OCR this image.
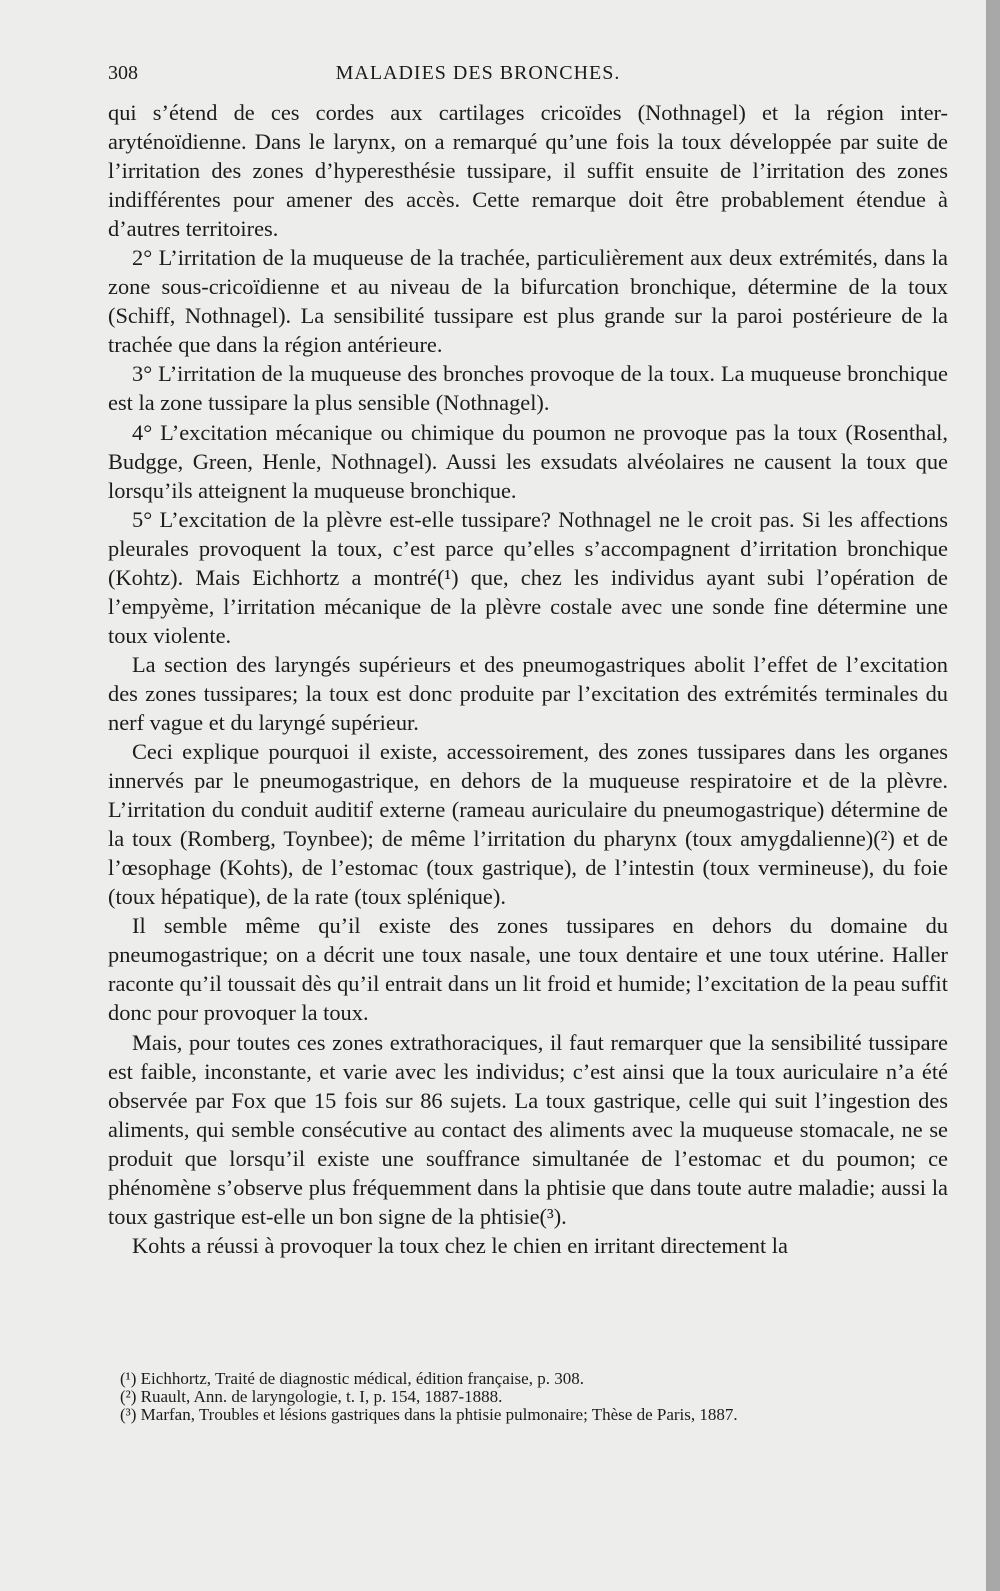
308	MALADIES DES BRONCHES.

qui s’étend de ces cordes aux cartilages cricoïdes (Nothnagel) et la région inter-aryténoïdienne. Dans le larynx, on a remarqué qu’une fois la toux développée par suite de l’irritation des zones d’hyperesthésie tussipare, il suffit ensuite de l’irritation des zones indifférentes pour amener des accès. Cette remarque doit être probablement étendue à d’autres territoires.

2° L’irritation de la muqueuse de la trachée, particulièrement aux deux extrémités, dans la zone sous-cricoïdienne et au niveau de la bifurcation bronchique, détermine de la toux (Schiff, Nothnagel). La sensibilité tussipare est plus grande sur la paroi postérieure de la trachée que dans la région antérieure.

3° L’irritation de la muqueuse des bronches provoque de la toux. La muqueuse bronchique est la zone tussipare la plus sensible (Nothnagel).

4° L’excitation mécanique ou chimique du poumon ne provoque pas la toux (Rosenthal, Budgge, Green, Henle, Nothnagel). Aussi les exsudats alvéolaires ne causent la toux que lorsqu’ils atteignent la muqueuse bronchique.

5° L’excitation de la plèvre est-elle tussipare? Nothnagel ne le croit pas. Si les affections pleurales provoquent la toux, c’est parce qu’elles s’accompagnent d’irritation bronchique (Kohtz). Mais Eichhortz a montré(¹) que, chez les individus ayant subi l’opération de l’empyème, l’irritation mécanique de la plèvre costale avec une sonde fine détermine une toux violente.

La section des laryngés supérieurs et des pneumogastriques abolit l’effet de l’excitation des zones tussipares; la toux est donc produite par l’excitation des extrémités terminales du nerf vague et du laryngé supérieur.

Ceci explique pourquoi il existe, accessoirement, des zones tussipares dans les organes innervés par le pneumogastrique, en dehors de la muqueuse respiratoire et de la plèvre. L’irritation du conduit auditif externe (rameau auriculaire du pneumogastrique) détermine de la toux (Romberg, Toynbee); de même l’irritation du pharynx (toux amygdalienne)(²) et de l’œsophage (Kohts), de l’estomac (toux gastrique), de l’intestin (toux vermineuse), du foie (toux hépatique), de la rate (toux splénique).

Il semble même qu’il existe des zones tussipares en dehors du domaine du pneumogastrique; on a décrit une toux nasale, une toux dentaire et une toux utérine. Haller raconte qu’il toussait dès qu’il entrait dans un lit froid et humide; l’excitation de la peau suffit donc pour provoquer la toux.

Mais, pour toutes ces zones extrathoraciques, il faut remarquer que la sensibilité tussipare est faible, inconstante, et varie avec les individus; c’est ainsi que la toux auriculaire n’a été observée par Fox que 15 fois sur 86 sujets. La toux gastrique, celle qui suit l’ingestion des aliments, qui semble consécutive au contact des aliments avec la muqueuse stomacale, ne se produit que lorsqu’il existe une souffrance simultanée de l’estomac et du poumon; ce phénomène s’observe plus fréquemment dans la phtisie que dans toute autre maladie; aussi la toux gastrique est-elle un bon signe de la phtisie(³).

Kohts a réussi à provoquer la toux chez le chien en irritant directement la

(¹) Eichhortz, Traité de diagnostic médical, édition française, p. 308.

(²) Ruault, Ann. de laryngologie, t. I, p. 154, 1887-1888.

(³) Marfan, Troubles et lésions gastriques dans la phtisie pulmonaire; Thèse de Paris, 1887.
